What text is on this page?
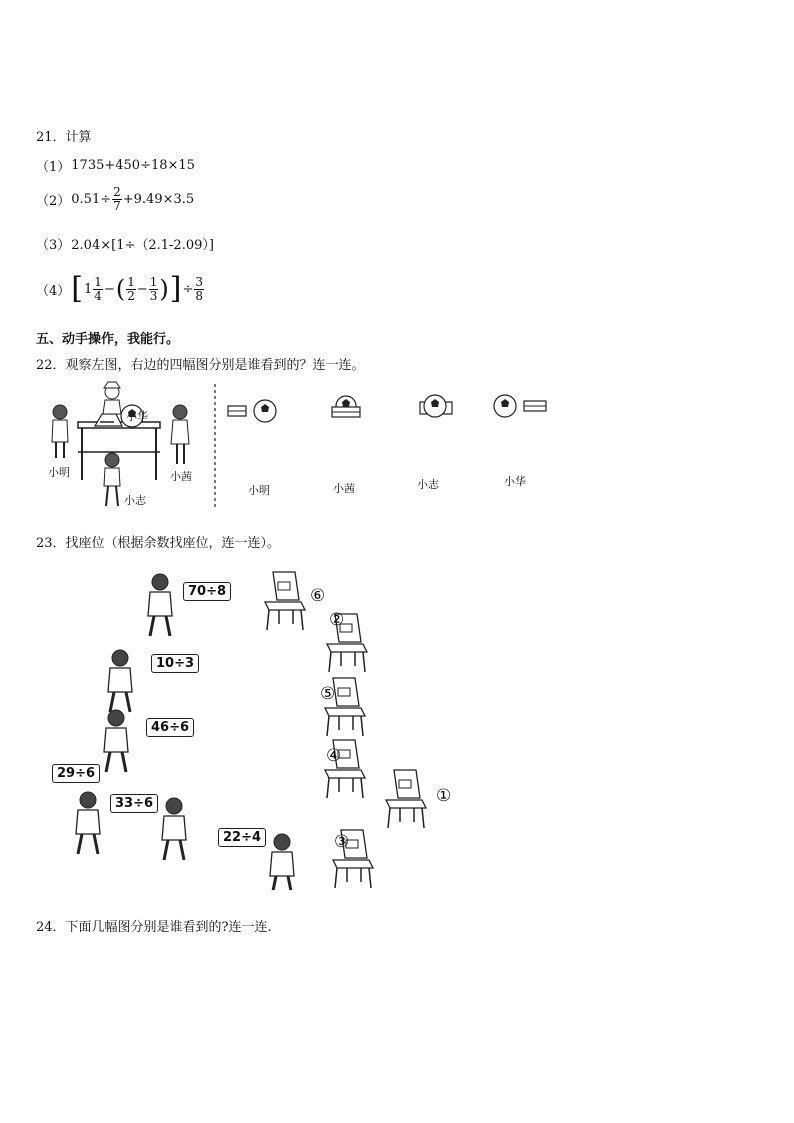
21．计算
（1） 1735+450÷18×15
（2） $0.51\div \frac{2}{7} +9.49\times 3.5$
（3） 2.04×[1÷（2.1-2.09）]
（4） [ $1 \frac{1}{4}$ − ( $\frac{1}{2} - \frac{1}{3}$ ) ] ÷ $\frac{3}{8}$
五、动手操作，我能行。
22．观察左图，右边的四幅图分别是谁看到的？连一连。
小华
小明	小茜
小志
小明	小茜	小志	小华
23．找座位（根据余数找座位，连一连）。
70÷8
10÷3
46÷6
29÷6
33÷6
22÷4
⑥
②
⑤
④
①
③
24．下面几幅图分别是谁看到的?连一连.
